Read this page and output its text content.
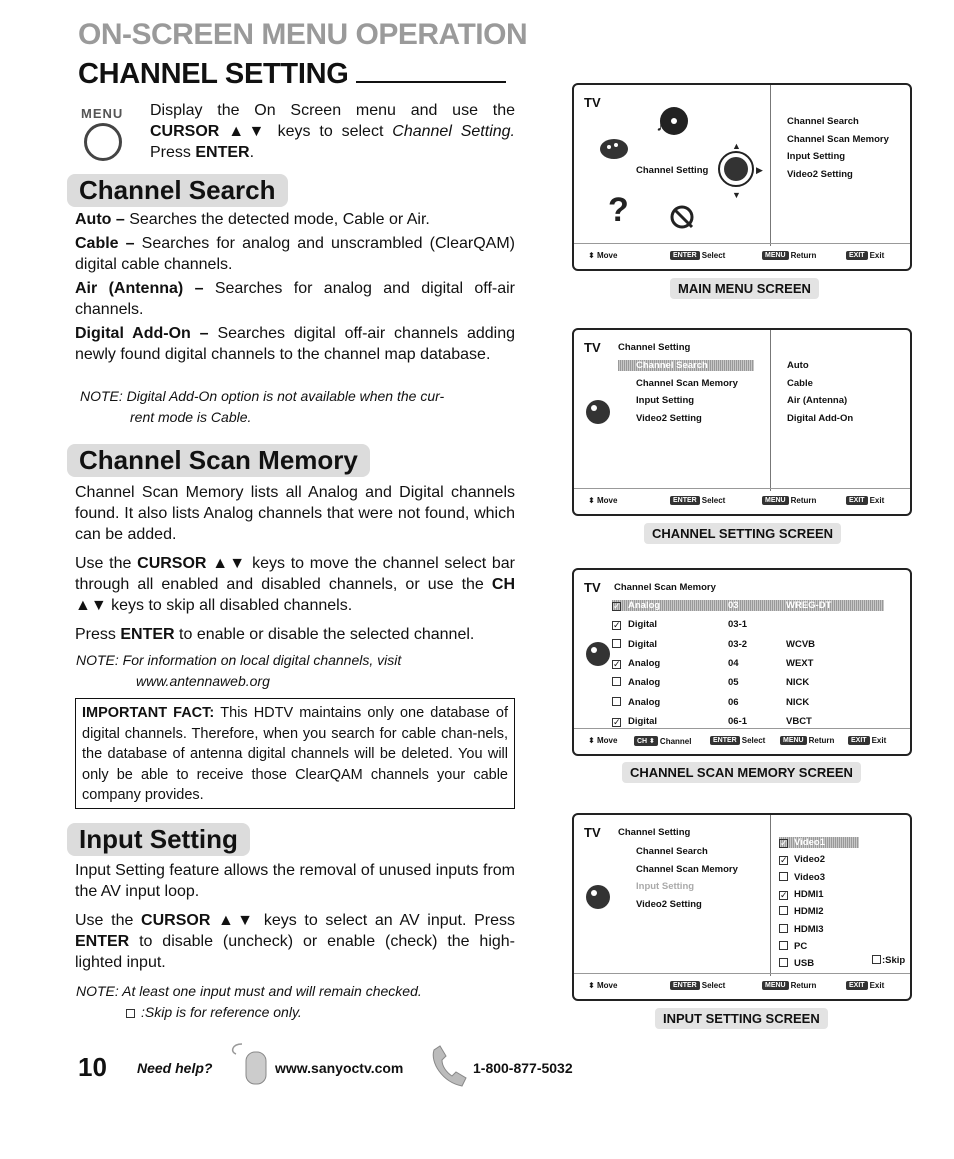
ON-SCREEN MENU OPERATION
CHANNEL SETTING
MENU Display the On Screen menu and use the CURSOR ▲▼ keys to select Channel Setting. Press ENTER.
Channel Search

Auto – Searches the detected mode, Cable or Air.

Cable – Searches for analog and unscrambled (ClearQAM) digital cable channels.

Air (Antenna) – Searches for analog and digital off-air channels.

Digital Add-On – Searches digital off-air channels adding newly found digital channels to the channel map database.

NOTE: Digital Add-On option is not available when the cur-
rent mode is Cable.
Channel Scan Memory
Channel Scan Memory lists all Analog and Digital channels found. It also lists Analog channels that were not found, which can be added.
Use the CURSOR ▲▼ keys to move the channel select bar through all enabled and disabled channels, or use the CH ▲▼ keys to skip all disabled channels.
Press ENTER to enable or disable the selected channel.
NOTE: For information on local digital channels, visit
www.antennaweb.org
IMPORTANT FACT: This HDTV maintains only one database of digital channels. Therefore, when you search for cable chan-nels, the database of antenna digital channels will be deleted. You will only be able to receive those ClearQAM channels your cable company provides.
Input Setting
Input Setting feature allows the removal of unused inputs from the AV input loop.
Use the CURSOR ▲▼ keys to select an AV input. Press ENTER to disable (uncheck) or enable (check) the high-lighted input.
NOTE: At least one input must and will remain checked.
:Skip is for reference only.
TV
♪
?
▲
▼
▶
Channel Setting
Channel Search
Channel Scan Memory
Input Setting
Video2 Setting
⬍
Move	ENTER Select	MENU Return	EXIT Exit
MAIN MENU SCREEN
TV Channel Setting
Channel Search
Channel Scan Memory
Input Setting
Video2 Setting
Auto
Cable
Air (Antenna)
Digital Add-On
⬍
Move	ENTER Select	MENU Return	EXIT Exit
CHANNEL SETTING SCREEN
TV Channel Scan Memory
✓ Analog	03	WREG-DT
✓ Digital	03-1
Digital	03-2	WCVB
✓ Analog	04	WEXT
Analog	05	NICK
Analog	06	NICK
✓ Digital	06-1	VBCT
⬍
Move	CH ⬍ Channel	ENTER Select	MENU Return	EXIT Exit
CHANNEL SCAN MEMORY SCREEN
TV Channel Setting
Channel Search
Channel Scan Memory
Input Setting
Video2 Setting
✓ Video1
✓ Video2
Video3
✓ HDMI1
HDMI2
HDMI3
PC
USB	:Skip
⬍
Move	ENTER Select	MENU Return	EXIT Exit
INPUT SETTING SCREEN
10 Need help?	www.sanyoctv.com	1-800-877-5032
